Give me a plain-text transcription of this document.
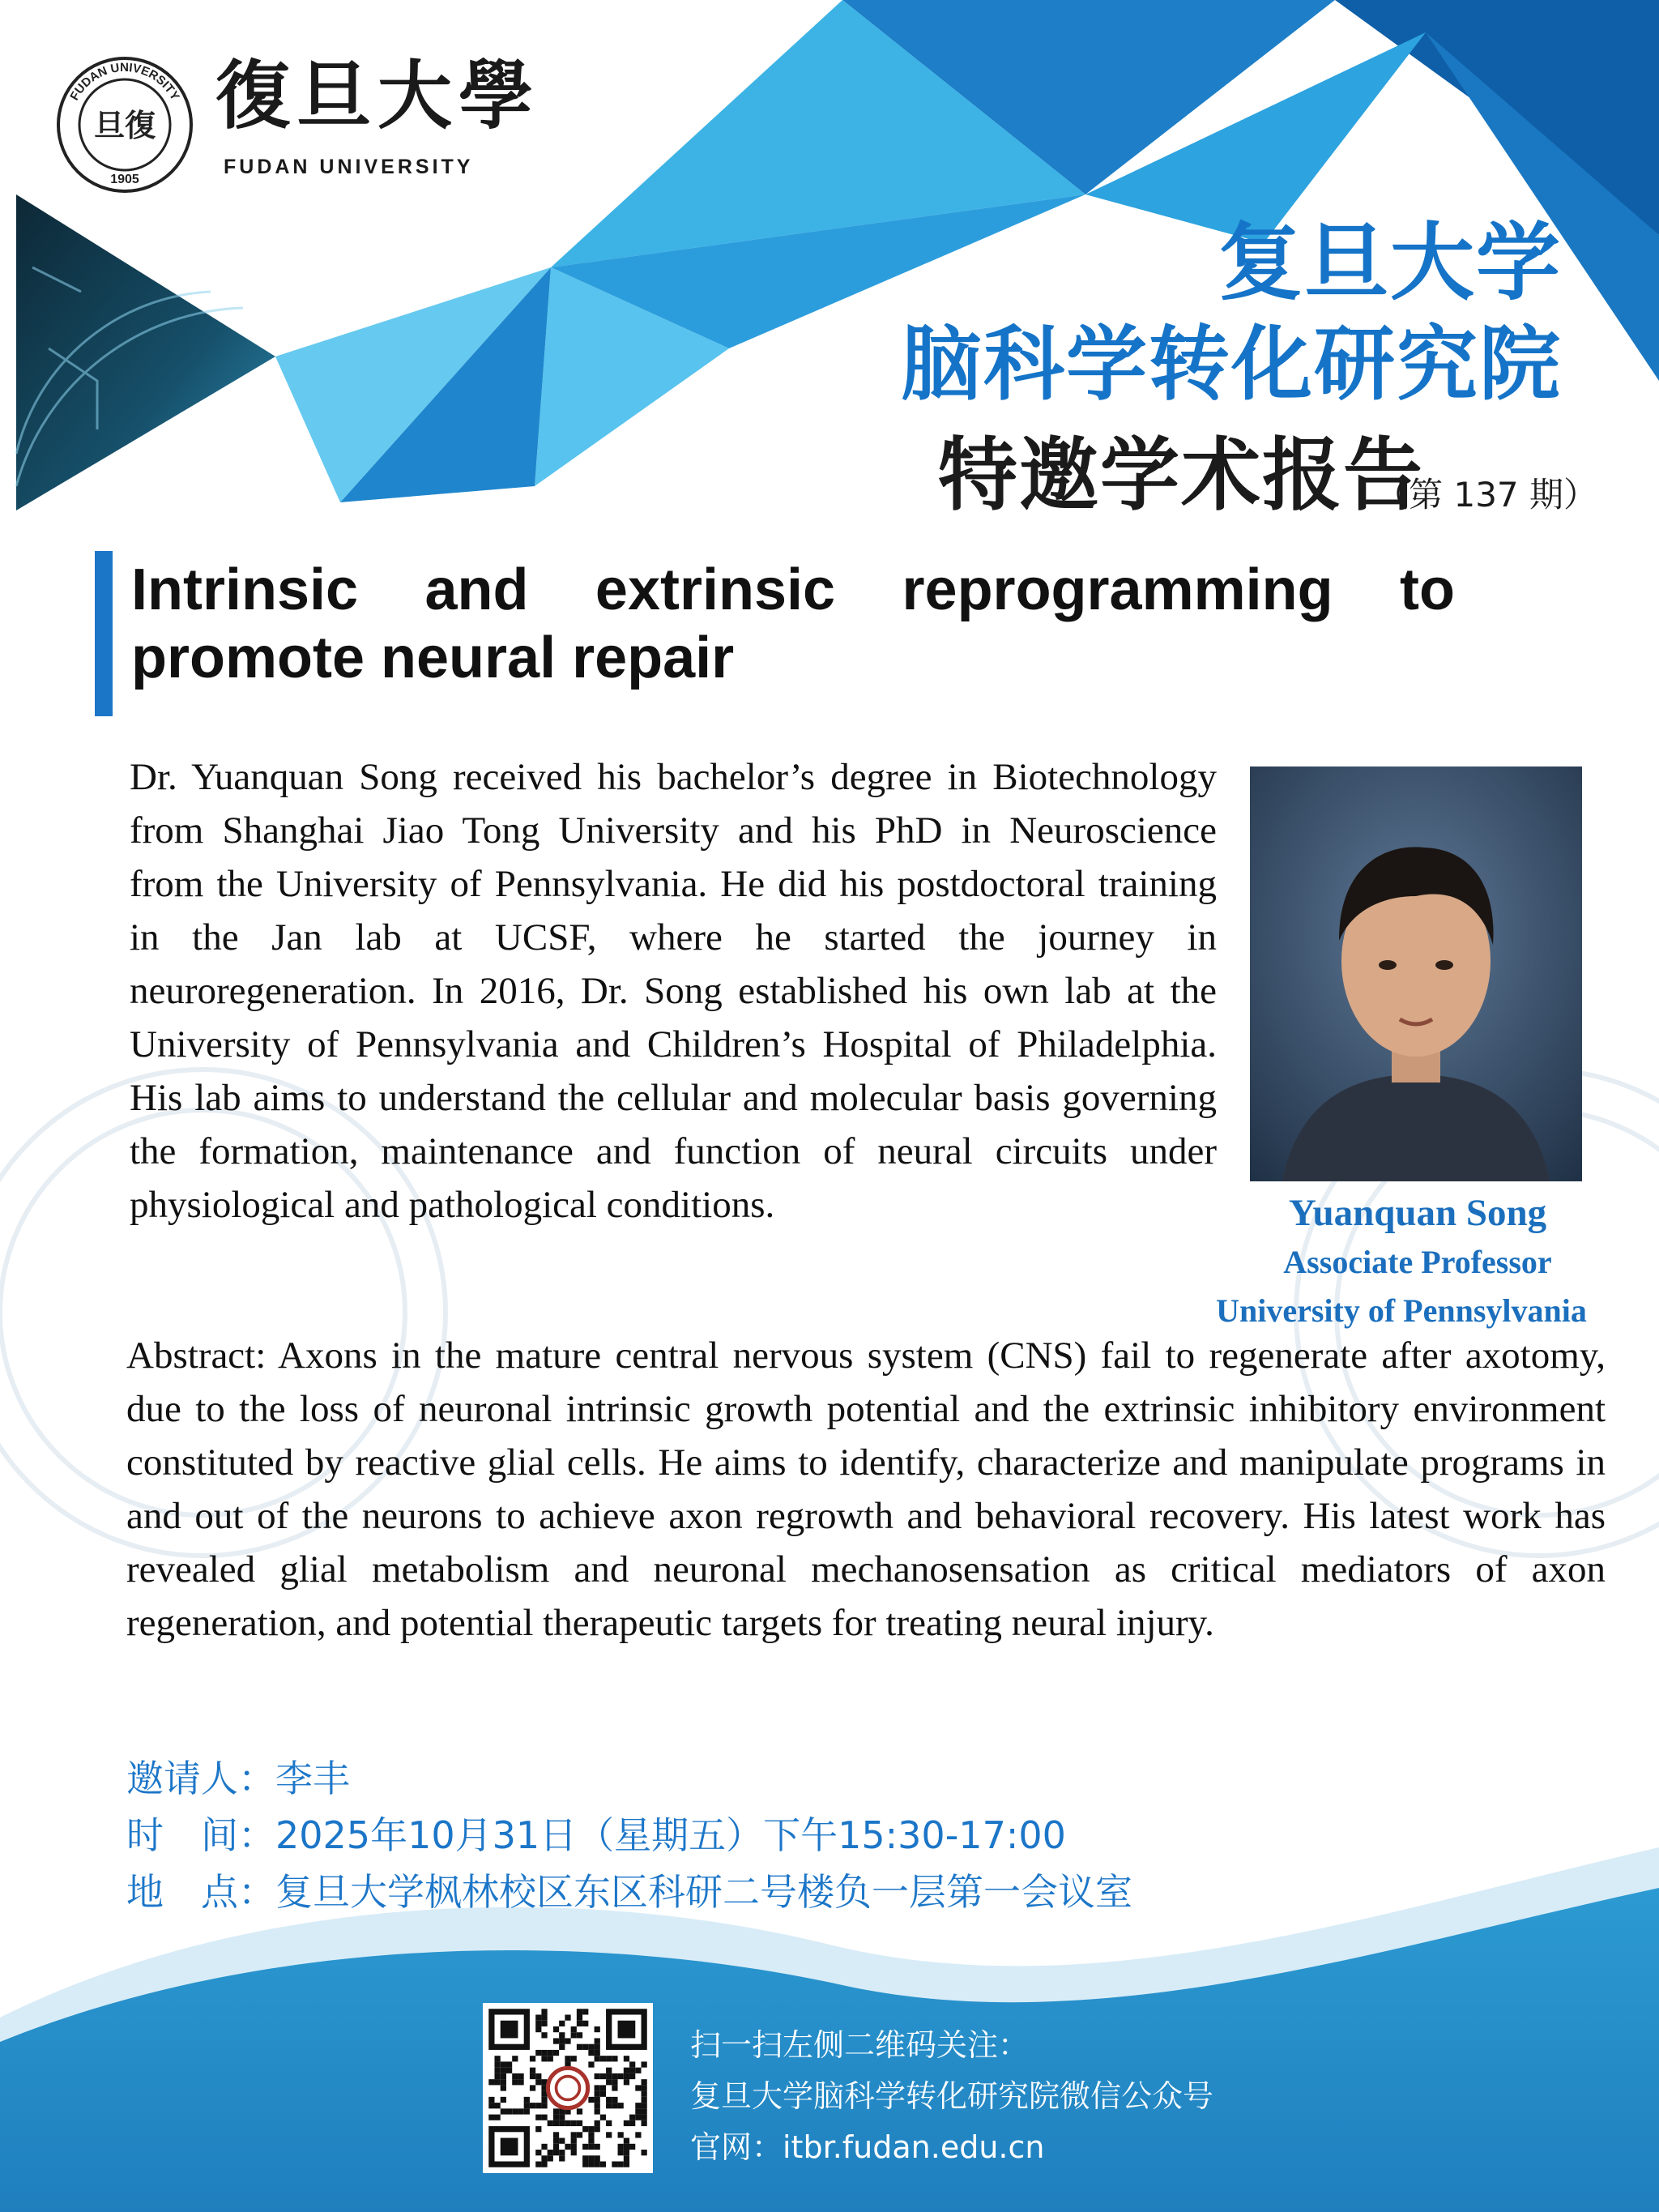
FUDAN UNIVERSITY
旦復
1905
復旦大學
FUDAN UNIVERSITY
复旦大学
脑科学转化研究院
特邀学术报告
（第 137 期）
Intrinsic and extrinsic reprogramming to promote neural repair
Dr. Yuanquan Song received his bachelor’s degree in Biotechnology from Shanghai Jiao Tong University and his PhD in Neuroscience from the University of Pennsylvania. He did his postdoctoral training in the Jan lab at UCSF, where he started the journey in neuroregeneration. In 2016, Dr. Song established his own lab at the University of Pennsylvania and Children’s Hospital of Philadelphia. His lab aims to understand the cellular and molecular basis governing the formation, maintenance and function of neural circuits under physiological and pathological conditions.	Yuanquan Song
Associate Professor
University of Pennsylvania
Abstract: Axons in the mature central nervous system (CNS) fail to regenerate after axotomy, due to the loss of neuronal intrinsic growth potential and the extrinsic inhibitory environment constituted by reactive glial cells. He aims to identify, characterize and manipulate programs in and out of the neurons to achieve axon regrowth and behavioral recovery. His latest work has revealed glial metabolism and neuronal mechanosensation as critical mediators of axon regeneration, and potential therapeutic targets for treating neural injury.
邀请人：李丰
时　间：2025年10月31日（星期五）下午15:30-17:00
地　点：复旦大学枫林校区东区科研二号楼负一层第一会议室
扫一扫左侧二维码关注：
复旦大学脑科学转化研究院微信公众号
官网：itbr.fudan.edu.cn
